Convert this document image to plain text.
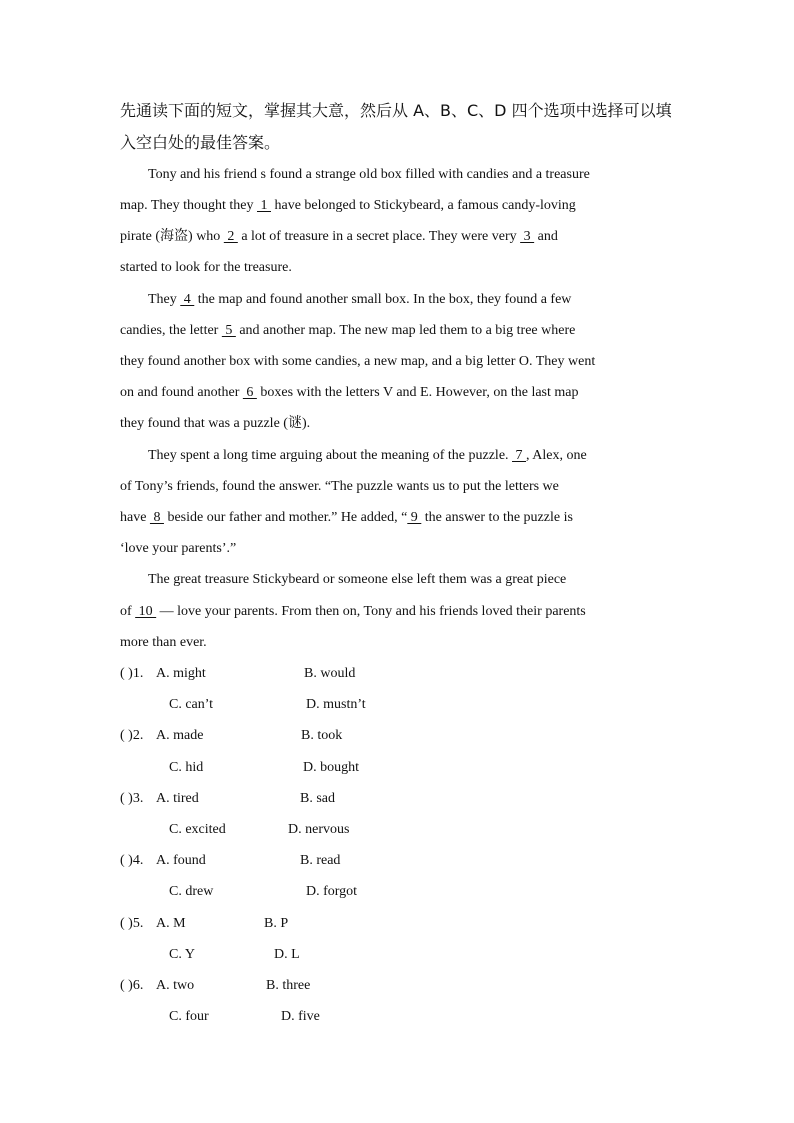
先通读下面的短文，掌握其大意，然后从 A、B、C、D 四个选项中选择可以填
入空白处的最佳答案。
Tony and his friend s found a strange old box filled with candies and a treasure
map. They thought they  1  have belonged to Stickybeard, a famous candy-loving
pirate (海盗) who  2  a lot of treasure in a secret place. They were very  3  and
started to look for the treasure.
They  4  the map and found another small box. In the box, they found a few
candies, the letter  5  and another map. The new map led them to a big tree where
they found another box with some candies, a new map, and a big letter O. They went
on and found another  6  boxes with the letters V and E. However, on the last map
they found that was a puzzle (谜).
They spent a long time arguing about the meaning of the puzzle.  7 , Alex, one
of Tony’s friends, found the answer. “The puzzle wants us to put the letters we
have  8  beside our father and mother.” He added, “ 9  the answer to the puzzle is
‘love your parents’.”
The great treasure Stickybeard or someone else left them was a great piece
of  10  — love your parents. From then on, Tony and his friends loved their parents
more than ever.
( )1. A. might	B. would
C. can’t	D. mustn’t
( )2. A. made	B. took
C. hid	D. bought
( )3. A. tired	B. sad
C. excited	D. nervous
( )4. A. found	B. read
C. drew	D. forgot
( )5. A. M	B. P
C. Y	D. L
( )6. A. two	B. three
C. four	D. five
